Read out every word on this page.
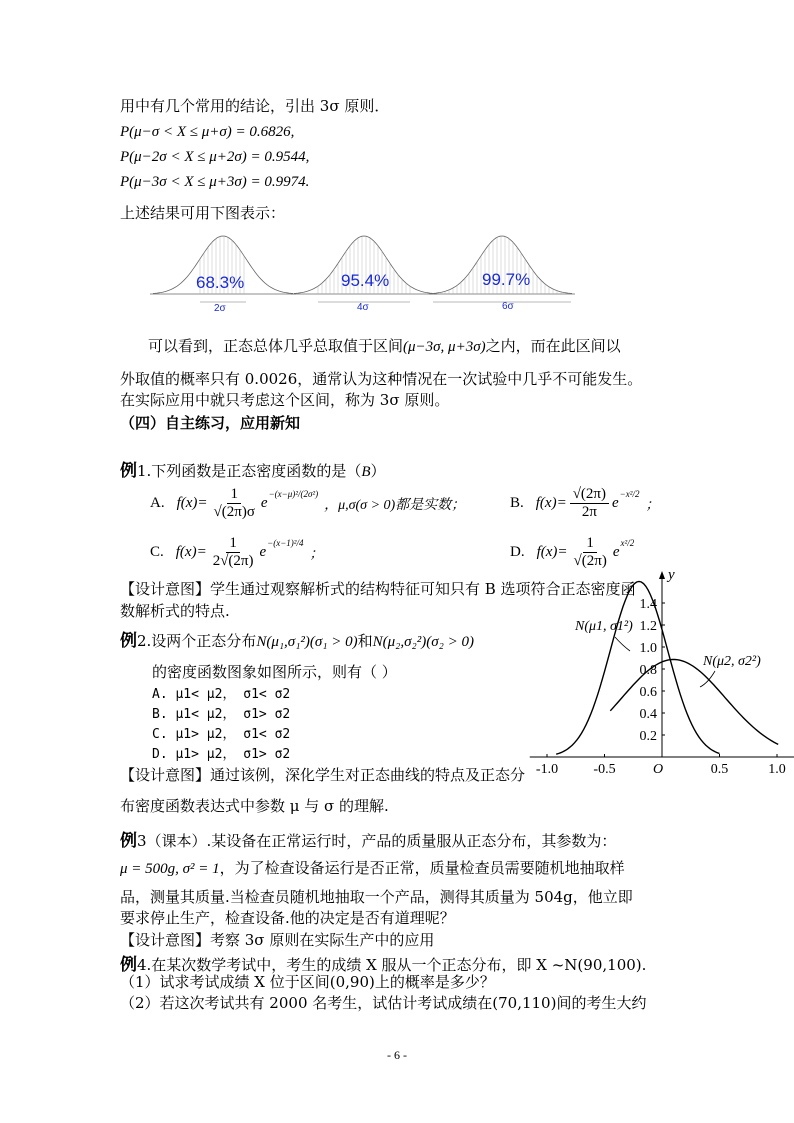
用中有几个常用的结论，引出 3σ 原则．
P(μ−σ < X ≤ μ+σ) = 0.6826,
P(μ−2σ < X ≤ μ+2σ) = 0.9544,
P(μ−3σ < X ≤ μ+3σ) = 0.9974.
上述结果可用下图表示：
68.3%	95.4%	99.7%
2σ	4σ	6σ
可以看到，正态总体几乎总取值于区间(μ−3σ, μ+3σ)之内，而在此区间以
外取值的概率只有 0.0026，通常认为这种情况在一次试验中几乎不可能发生。
在实际应用中就只考虑这个区间，称为 3σ 原则。
（四）自主练习，应用新知
例1.下列函数是正态密度函数的是（B）
A. $f(x)= \frac{1}{√(2\pi)\sigma}$ e
−(x−μ)²/(2σ²)
，μ,σ(σ > 0)都是实数；	B. $f(x)= \frac{√(2\pi)}{2\pi}$ e
−x²/2
；
C. $f(x)= \frac{1}{2√(2\pi)}$ e
−(x−1)²/4
；	D. $f(x)= \frac{1}{√(2\pi)}$ e
x²/2
【设计意图】学生通过观察解析式的结构特征可知只有 B 选项符合正态密度函
数解析式的特点.
例2.设两个正态分布N(μ₁,σ₁²)(σ₁ > 0)和N(μ₂,σ₂²)(σ₂ > 0)
的密度函数图象如图所示，则有（ ）
A. μ1< μ2， σ1< σ2
B. μ1< μ2， σ1> σ2
C. μ1> μ2， σ1< σ2
D. μ1> μ2， σ1> σ2
【设计意图】通过该例，深化学生对正态曲线的特点及正态分
布密度函数表达式中参数 μ 与 σ 的理解.
-1.0	-0.5	O	0.5	1.0
0.2
0.4
0.6
0.8
1.0
1.2
1.4
y
N(μ1, σ1²)
N(μ2, σ2²)
例3（课本）.某设备在正常运行时，产品的质量服从正态分布，其参数为：
μ = 500g, σ² = 1，为了检查设备运行是否正常，质量检查员需要随机地抽取样
品，测量其质量.当检查员随机地抽取一个产品，测得其质量为 504g，他立即
要求停止生产，检查设备.他的决定是否有道理呢？
【设计意图】考察 3σ 原则在实际生产中的应用
例4.在某次数学考试中，考生的成绩 X 服从一个正态分布，即 X ~N(90,100).
（1）试求考试成绩 X 位于区间(0,90)上的概率是多少？
（2）若这次考试共有 2000 名考生，试估计考试成绩在(70,110)间的考生大约
- 6 -
